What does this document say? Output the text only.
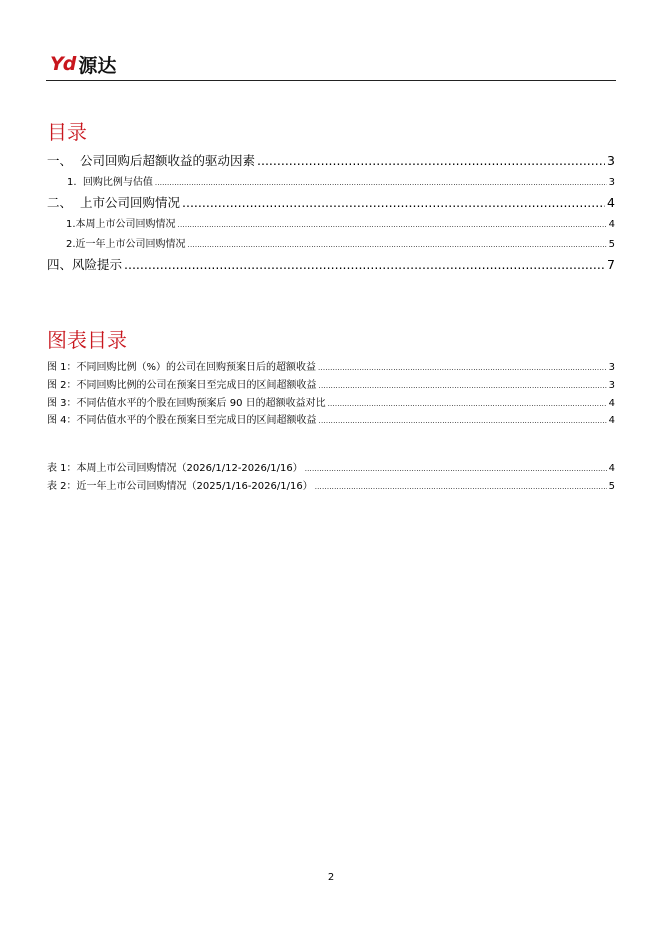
Yd 源达
目录
一、 公司回购后超额收益的驱动因素 .....	3
1. 回购比例与估值 .....	3
二、 上市公司回购情况 .....	4
1.本周上市公司回购情况 .....	4
2.近一年上市公司回购情况 .....	5
四、风险提示 .....	7
图表目录
图 1：不同回购比例（%）的公司在回购预案日后的超额收益 .....	3
图 2：不同回购比例的公司在预案日至完成日的区间超额收益 .....	3
图 3：不同估值水平的个股在回购预案后 90 日的超额收益对比 .....	4
图 4：不同估值水平的个股在预案日至完成日的区间超额收益 .....	4
表 1：本周上市公司回购情况（2026/1/12-2026/1/16） .....	4
表 2：近一年上市公司回购情况（2025/1/16-2026/1/16） .....	5
2
